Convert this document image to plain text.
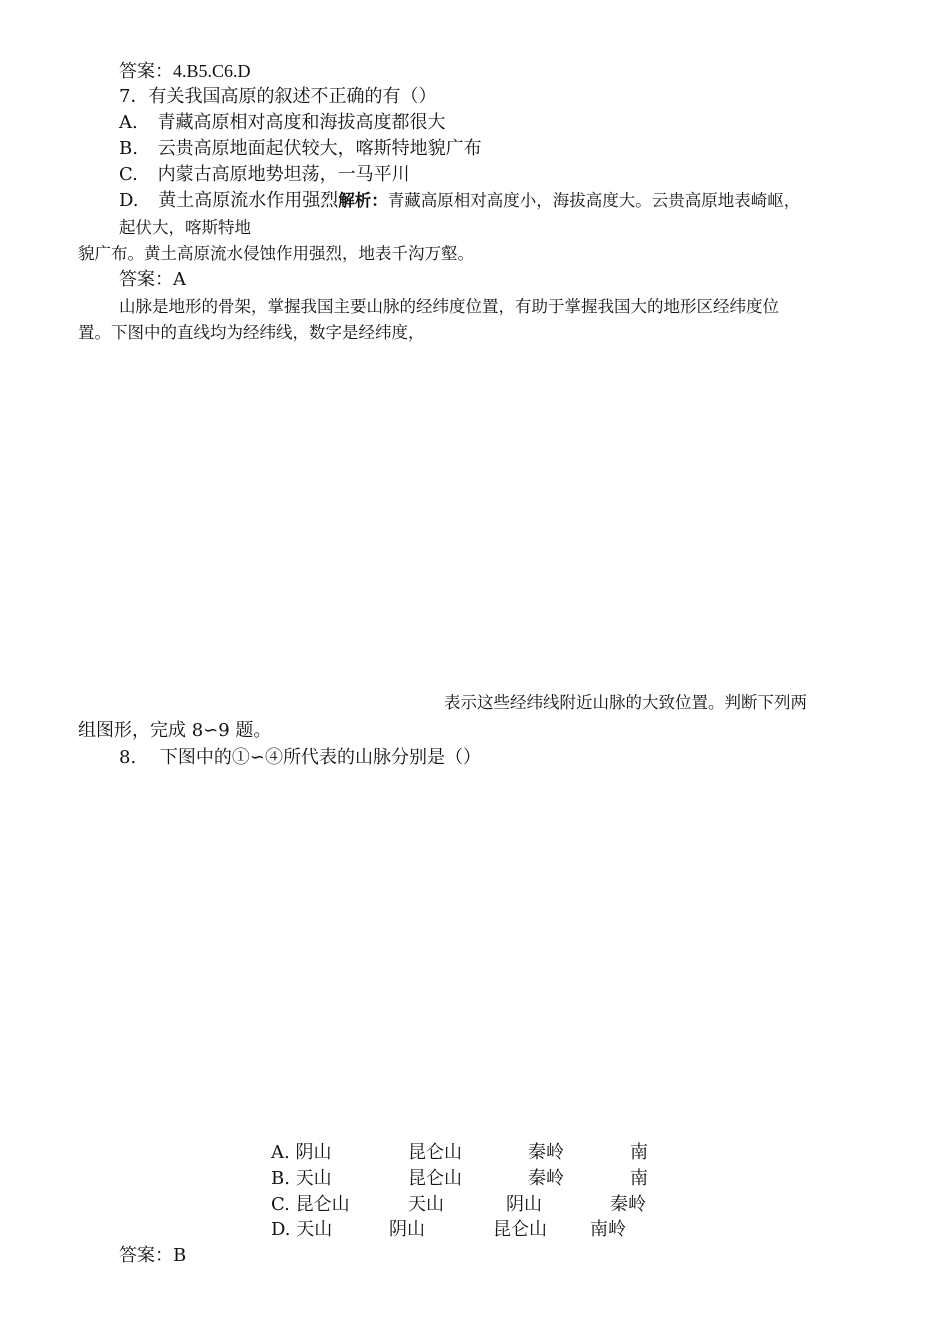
答案：4.B5.C6.D
7．有关我国高原的叙述不正确的有（）
A. 青藏高原相对高度和海拔高度都很大
B. 云贵高原地面起伏较大，喀斯特地貌广布
C. 内蒙古高原地势坦荡，一马平川
D. 黄土高原流水作用强烈解析：青藏高原相对高度小，海拔高度大。云贵高原地表崎岖，
起伏大，喀斯特地
貌广布。黄土高原流水侵蚀作用强烈，地表千沟万壑。
答案：A
山脉是地形的骨架，掌握我国主要山脉的经纬度位置，有助于掌握我国大的地形区经纬度位
置。下图中的直线均为经纬线，数字是经纬度，
表示这些经纬线附近山脉的大致位置。判断下列两
组图形，完成 8∽9 题。
8. 下图中的①∽④所代表的山脉分别是（）
A. 阴山	昆仑山	秦岭	南
B. 天山	昆仑山	秦岭	南
C. 昆仑山	天山	阴山	秦岭
D. 天山	阴山	昆仑山 南岭
答案：B
